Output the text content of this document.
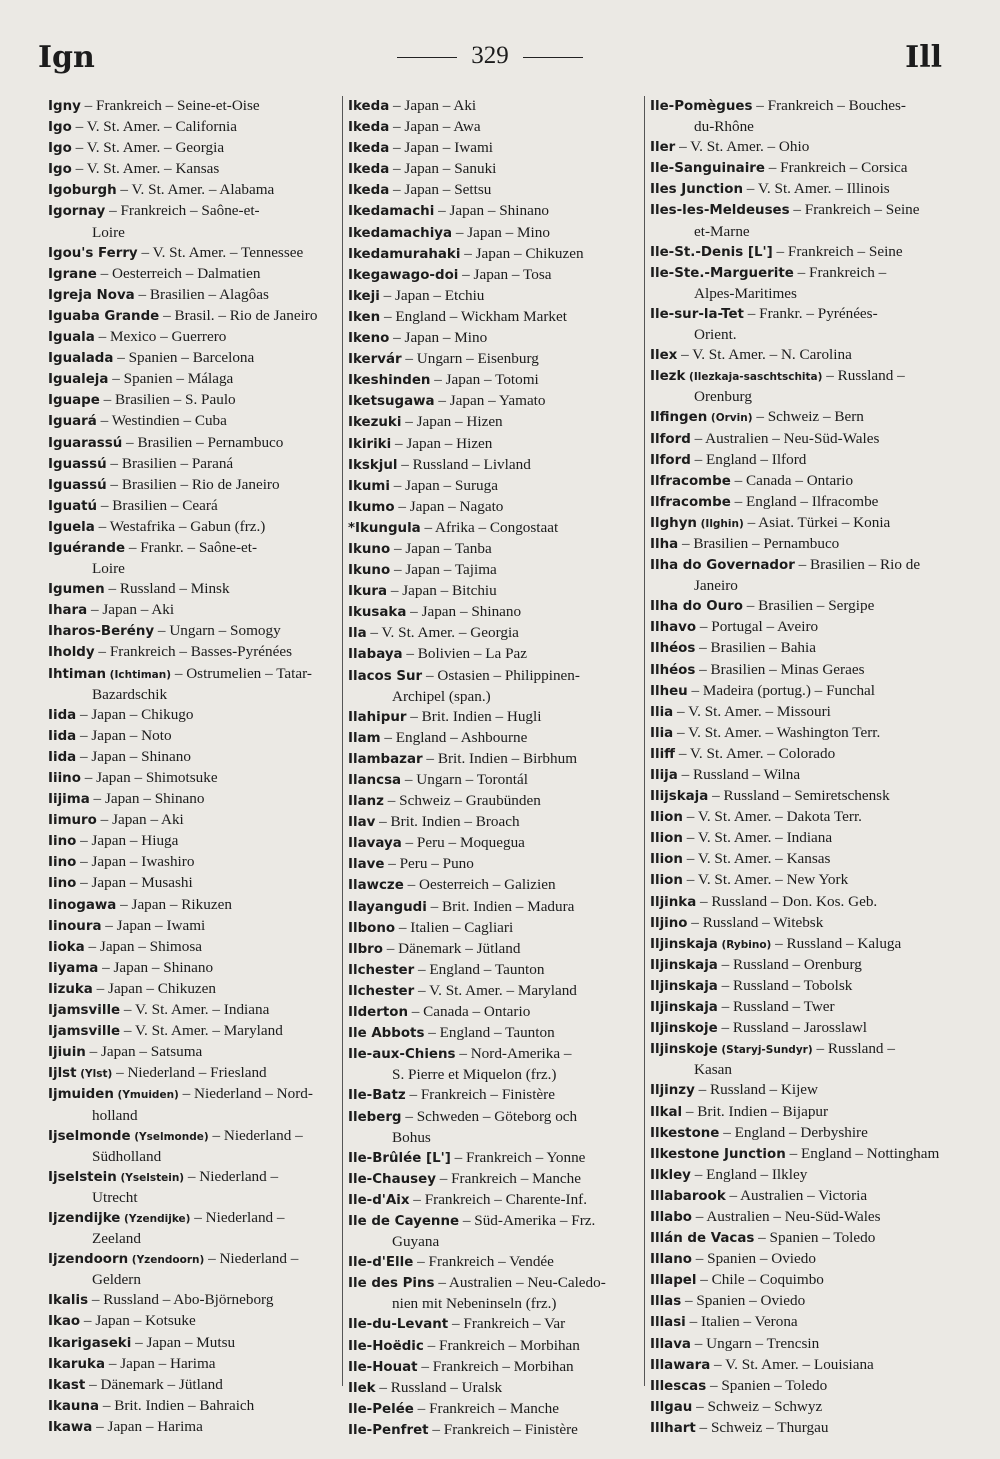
Ign	329	Ill
Igny – Frankreich – Seine-et-Oise
Igo – V. St. Amer. – California
Igo – V. St. Amer. – Georgia
Igo – V. St. Amer. – Kansas
Igoburgh – V. St. Amer. – Alabama
Igornay – Frankreich – Saône-et-
Loire
Igou's Ferry – V. St. Amer. – Tennessee
Igrane – Oesterreich – Dalmatien
Igreja Nova – Brasilien – Alagôas
Iguaba Grande – Brasil. – Rio de Janeiro
Iguala – Mexico – Guerrero
Igualada – Spanien – Barcelona
Igualeja – Spanien – Málaga
Iguape – Brasilien – S. Paulo
Iguará – Westindien – Cuba
Iguarassú – Brasilien – Pernambuco
Iguassú – Brasilien – Paraná
Iguassú – Brasilien – Rio de Janeiro
Iguatú – Brasilien – Ceará
Iguela – Westafrika – Gabun (frz.)
Iguérande – Frankr. – Saône-et-
Loire
Igumen – Russland – Minsk
Ihara – Japan – Aki
Iharos-Berény – Ungarn – Somogy
Iholdy – Frankreich – Basses-Pyrénées
Ihtiman (Ichtiman) – Ostrumelien – Tatar-
Bazardschik
Iida – Japan – Chikugo
Iida – Japan – Noto
Iida – Japan – Shinano
Iiino – Japan – Shimotsuke
Iijima – Japan – Shinano
Iimuro – Japan – Aki
Iino – Japan – Hiuga
Iino – Japan – Iwashiro
Iino – Japan – Musashi
Iinogawa – Japan – Rikuzen
Iinoura – Japan – Iwami
Iioka – Japan – Shimosa
Iiyama – Japan – Shinano
Iizuka – Japan – Chikuzen
Ijamsville – V. St. Amer. – Indiana
Ijamsville – V. St. Amer. – Maryland
Ijiuin – Japan – Satsuma
Ijlst (Ylst) – Niederland – Friesland
Ijmuiden (Ymuiden) – Niederland – Nord-
holland
Ijselmonde (Yselmonde) – Niederland –
Südholland
Ijselstein (Yselstein) – Niederland –
Utrecht
Ijzendijke (Yzendijke) – Niederland –
Zeeland
Ijzendoorn (Yzendoorn) – Niederland –
Geldern
Ikalis – Russland – Abo-Björneborg
Ikao – Japan – Kotsuke
Ikarigaseki – Japan – Mutsu
Ikaruka – Japan – Harima
Ikast – Dänemark – Jütland
Ikauna – Brit. Indien – Bahraich
Ikawa – Japan – Harima
Ikeda – Japan – Aki
Ikeda – Japan – Awa
Ikeda – Japan – Iwami
Ikeda – Japan – Sanuki
Ikeda – Japan – Settsu
Ikedamachi – Japan – Shinano
Ikedamachiya – Japan – Mino
Ikedamurahaki – Japan – Chikuzen
Ikegawago-doi – Japan – Tosa
Ikeji – Japan – Etchiu
Iken – England – Wickham Market
Ikeno – Japan – Mino
Ikervár – Ungarn – Eisenburg
Ikeshinden – Japan – Totomi
Iketsugawa – Japan – Yamato
Ikezuki – Japan – Hizen
Ikiriki – Japan – Hizen
Ikskjul – Russland – Livland
Ikumi – Japan – Suruga
Ikumo – Japan – Nagato
*Ikungula – Afrika – Congostaat
Ikuno – Japan – Tanba
Ikuno – Japan – Tajima
Ikura – Japan – Bitchiu
Ikusaka – Japan – Shinano
Ila – V. St. Amer. – Georgia
Ilabaya – Bolivien – La Paz
Ilacos Sur – Ostasien – Philippinen-
Archipel (span.)
Ilahipur – Brit. Indien – Hugli
Ilam – England – Ashbourne
Ilambazar – Brit. Indien – Birbhum
Ilancsa – Ungarn – Torontál
Ilanz – Schweiz – Graubünden
Ilav – Brit. Indien – Broach
Ilavaya – Peru – Moquegua
Ilave – Peru – Puno
Ilawcze – Oesterreich – Galizien
Ilayangudi – Brit. Indien – Madura
Ilbono – Italien – Cagliari
Ilbro – Dänemark – Jütland
Ilchester – England – Taunton
Ilchester – V. St. Amer. – Maryland
Ilderton – Canada – Ontario
Ile Abbots – England – Taunton
Ile-aux-Chiens – Nord-Amerika –
S. Pierre et Miquelon (frz.)
Ile-Batz – Frankreich – Finistère
Ileberg – Schweden – Göteborg och
Bohus
Ile-Brûlée [L'] – Frankreich – Yonne
Ile-Chausey – Frankreich – Manche
Ile-d'Aix – Frankreich – Charente-Inf.
Ile de Cayenne – Süd-Amerika – Frz.
Guyana
Ile-d'Elle – Frankreich – Vendée
Ile des Pins – Australien – Neu-Caledo-
nien mit Nebeninseln (frz.)
Ile-du-Levant – Frankreich – Var
Ile-Hoëdic – Frankreich – Morbihan
Ile-Houat – Frankreich – Morbihan
Ilek – Russland – Uralsk
Ile-Pelée – Frankreich – Manche
Ile-Penfret – Frankreich – Finistère
Ile-Pomègues – Frankreich – Bouches-
du-Rhône
Iler – V. St. Amer. – Ohio
Ile-Sanguinaire – Frankreich – Corsica
Iles Junction – V. St. Amer. – Illinois
Iles-les-Meldeuses – Frankreich – Seine
et-Marne
Ile-St.-Denis [L'] – Frankreich – Seine
Ile-Ste.-Marguerite – Frankreich –
Alpes-Maritimes
Ile-sur-la-Tet – Frankr. – Pyrénées-
Orient.
Ilex – V. St. Amer. – N. Carolina
Ilezk (Ilezkaja-saschtschita) – Russland –
Orenburg
Ilfingen (Orvin) – Schweiz – Bern
Ilford – Australien – Neu-Süd-Wales
Ilford – England – Ilford
Ilfracombe – Canada – Ontario
Ilfracombe – England – Ilfracombe
Ilghyn (Ilghin) – Asiat. Türkei – Konia
Ilha – Brasilien – Pernambuco
Ilha do Governador – Brasilien – Rio de
Janeiro
Ilha do Ouro – Brasilien – Sergipe
Ilhavo – Portugal – Aveiro
Ilhéos – Brasilien – Bahia
Ilhéos – Brasilien – Minas Geraes
Ilheu – Madeira (portug.) – Funchal
Ilia – V. St. Amer. – Missouri
Ilia – V. St. Amer. – Washington Terr.
Iliff – V. St. Amer. – Colorado
Ilija – Russland – Wilna
Ilijskaja – Russland – Semiretschensk
Ilion – V. St. Amer. – Dakota Terr.
Ilion – V. St. Amer. – Indiana
Ilion – V. St. Amer. – Kansas
Ilion – V. St. Amer. – New York
Iljinka – Russland – Don. Kos. Geb.
Iljino – Russland – Witebsk
Iljinskaja (Rybino) – Russland – Kaluga
Iljinskaja – Russland – Orenburg
Iljinskaja – Russland – Tobolsk
Iljinskaja – Russland – Twer
Iljinskoje – Russland – Jarosslawl
Iljinskoje (Staryj-Sundyr) – Russland –
Kasan
Iljinzy – Russland – Kijew
Ilkal – Brit. Indien – Bijapur
Ilkestone – England – Derbyshire
Ilkestone Junction – England – Nottingham
Ilkley – England – Ilkley
Illabarook – Australien – Victoria
Illabo – Australien – Neu-Süd-Wales
Illán de Vacas – Spanien – Toledo
Illano – Spanien – Oviedo
Illapel – Chile – Coquimbo
Illas – Spanien – Oviedo
Illasi – Italien – Verona
Illava – Ungarn – Trencsin
Illawara – V. St. Amer. – Louisiana
Illescas – Spanien – Toledo
Illgau – Schweiz – Schwyz
Illhart – Schweiz – Thurgau
